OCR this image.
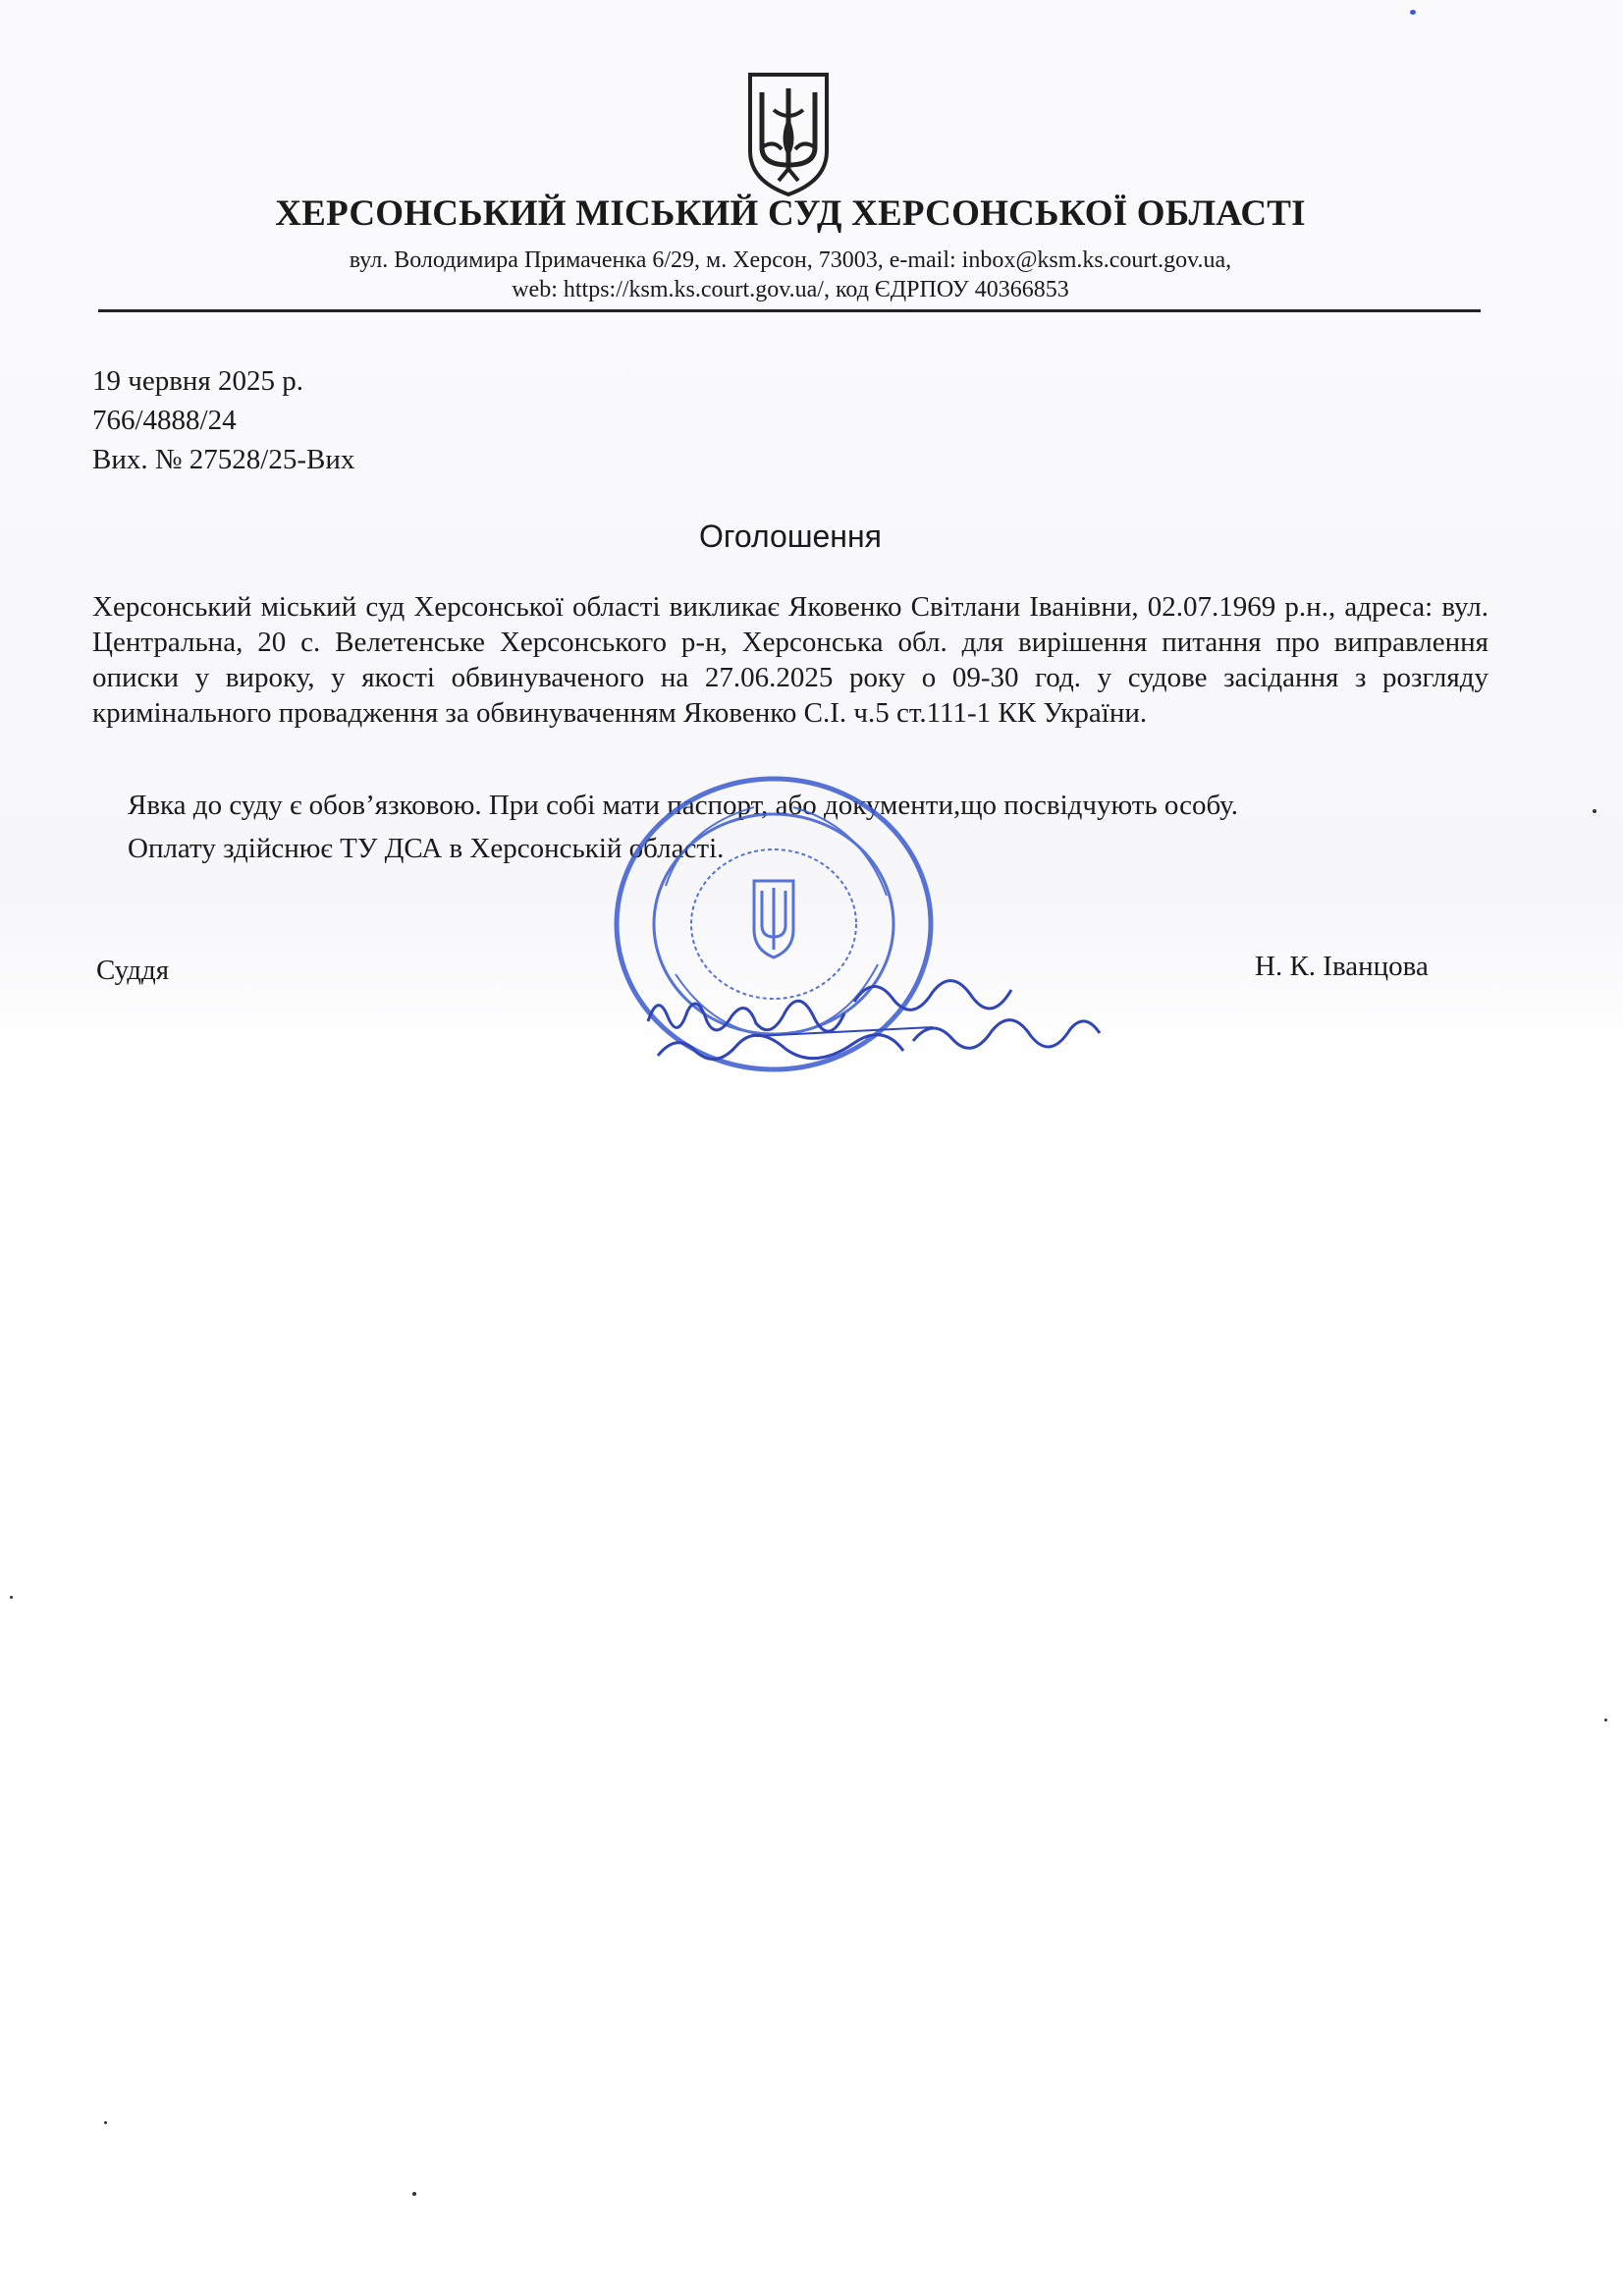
ХЕРСОНСЬКИЙ МІСЬКИЙ СУД ХЕРСОНСЬКОЇ ОБЛАСТІ
вул. Володимира Примаченка 6/29, м. Херсон, 73003, e-mail: inbox@ksm.ks.court.gov.ua,
web: https://ksm.ks.court.gov.ua/, код ЄДРПОУ 40366853
19 червня 2025 р.
766/4888/24
Вих. № 27528/25-Вих
Оголошення
Херсонський міський суд Херсонської області викликає Яковенко Світлани Іванівни, 02.07.1969 р.н., адреса: вул. Центральна, 20 с. Велетенське Херсонського р-н, Херсонська обл. для вирішення питання про виправлення описки у вироку, у якості обвинуваченого на 27.06.2025 року о 09-30 год. у судове засідання з розгляду кримінального провадження за обвинуваченням Яковенко С.І. ч.5 ст.111-1 КК України.
Явка до суду є обов’язковою. При собі мати паспорт, або документи,що посвідчують особу.
Оплату здійснює ТУ ДСА в Херсонській області.
Суддя	Н. К. Іванцова
